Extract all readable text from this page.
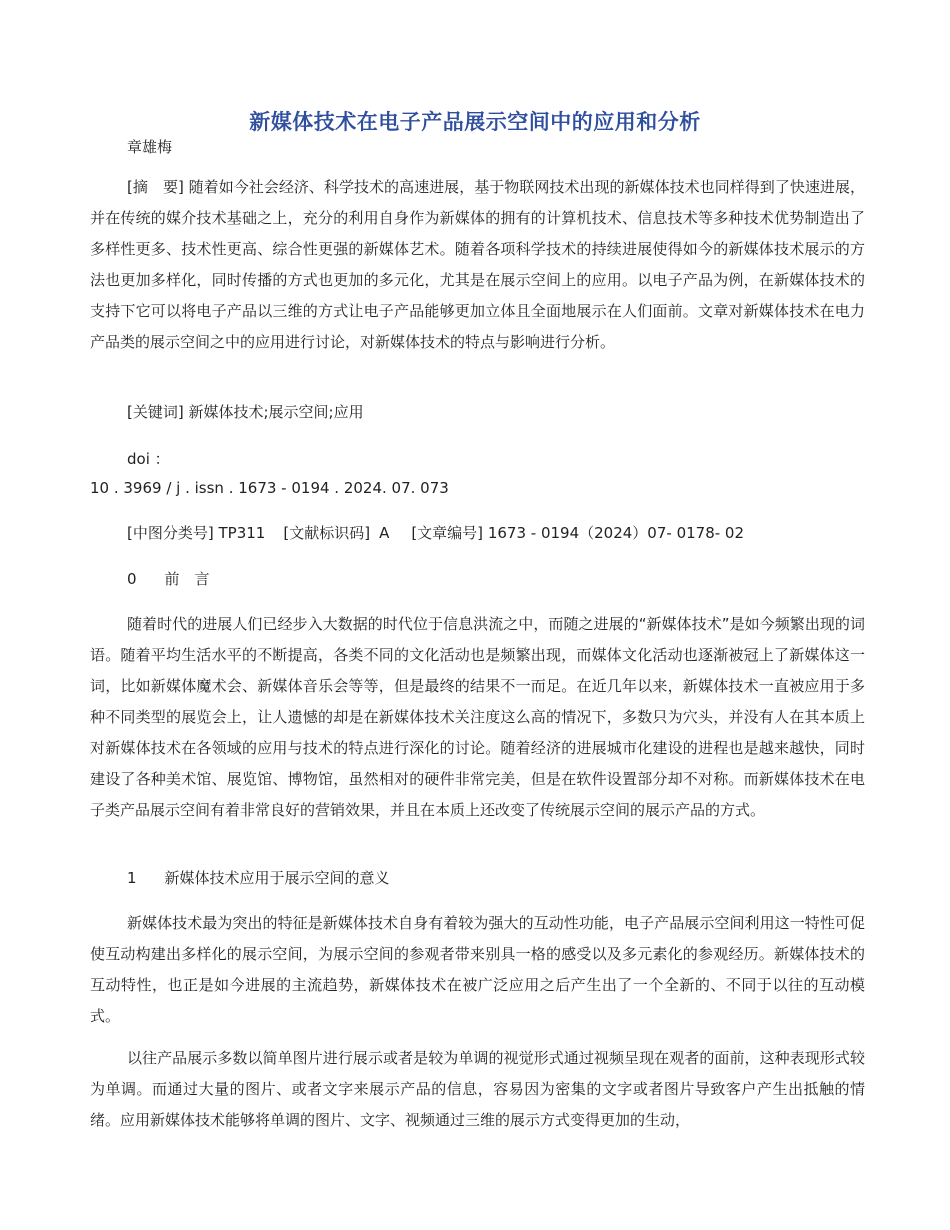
新媒体技术在电子产品展示空间中的应用和分析
章雄梅

[摘　要] 随着如今社会经济、科学技术的高速进展，基于物联网技术出现的新媒体技术也同样得到了快速进展，并在传统的媒介技术基础之上，充分的利用自身作为新媒体的拥有的计算机技术、信息技术等多种技术优势制造出了多样性更多、技术性更高、综合性更强的新媒体艺术。随着各项科学技术的持续进展使得如今的新媒体技术展示的方法也更加多样化，同时传播的方式也更加的多元化，尤其是在展示空间上的应用。以电子产品为例，在新媒体技术的支持下它可以将电子产品以三维的方式让电子产品能够更加立体且全面地展示在人们面前。文章对新媒体技术在电力产品类的展示空间之中的应用进行讨论，对新媒体技术的特点与影响进行分析。

[关键词] 新媒体技术;展示空间;应用
doi ：
10 . 3969 / j . issn . 1673 - 0194 . 2024. 07. 073
[中图分类号] TP311 [文献标识码] A [文章编号] 1673 - 0194（2024）07- 0178- 02
0 前　言

随着时代的进展人们已经步入大数据的时代位于信息洪流之中，而随之进展的“新媒体技术”是如今频繁出现的词语。随着平均生活水平的不断提高，各类不同的文化活动也是频繁出现，而媒体文化活动也逐渐被冠上了新媒体这一词，比如新媒体魔术会、新媒体音乐会等等，但是最终的结果不一而足。在近几年以来，新媒体技术一直被应用于多种不同类型的展览会上，让人遗憾的却是在新媒体技术关注度这么高的情况下，多数只为穴头，并没有人在其本质上对新媒体技术在各领域的应用与技术的特点进行深化的讨论。随着经济的进展城市化建设的进程也是越来越快，同时建设了各种美术馆、展览馆、博物馆，虽然相对的硬件非常完美，但是在软件设置部分却不对称。而新媒体技术在电子类产品展示空间有着非常良好的营销效果，并且在本质上还改变了传统展示空间的展示产品的方式。

1 新媒体技术应用于展示空间的意义

新媒体技术最为突出的特征是新媒体技术自身有着较为强大的互动性功能，电子产品展示空间利用这一特性可促使互动构建出多样化的展示空间，为展示空间的参观者带来别具一格的感受以及多元素化的参观经历。新媒体技术的互动特性，也正是如今进展的主流趋势，新媒体技术在被广泛应用之后产生出了一个全新的、不同于以往的互动模式。

以往产品展示多数以简单图片进行展示或者是较为单调的视觉形式通过视频呈现在观者的面前，这种表现形式较为单调。而通过大量的图片、或者文字来展示产品的信息，容易因为密集的文字或者图片导致客户产生出抵触的情绪。应用新媒体技术能够将单调的图片、文字、视频通过三维的展示方式变得更加的生动，
